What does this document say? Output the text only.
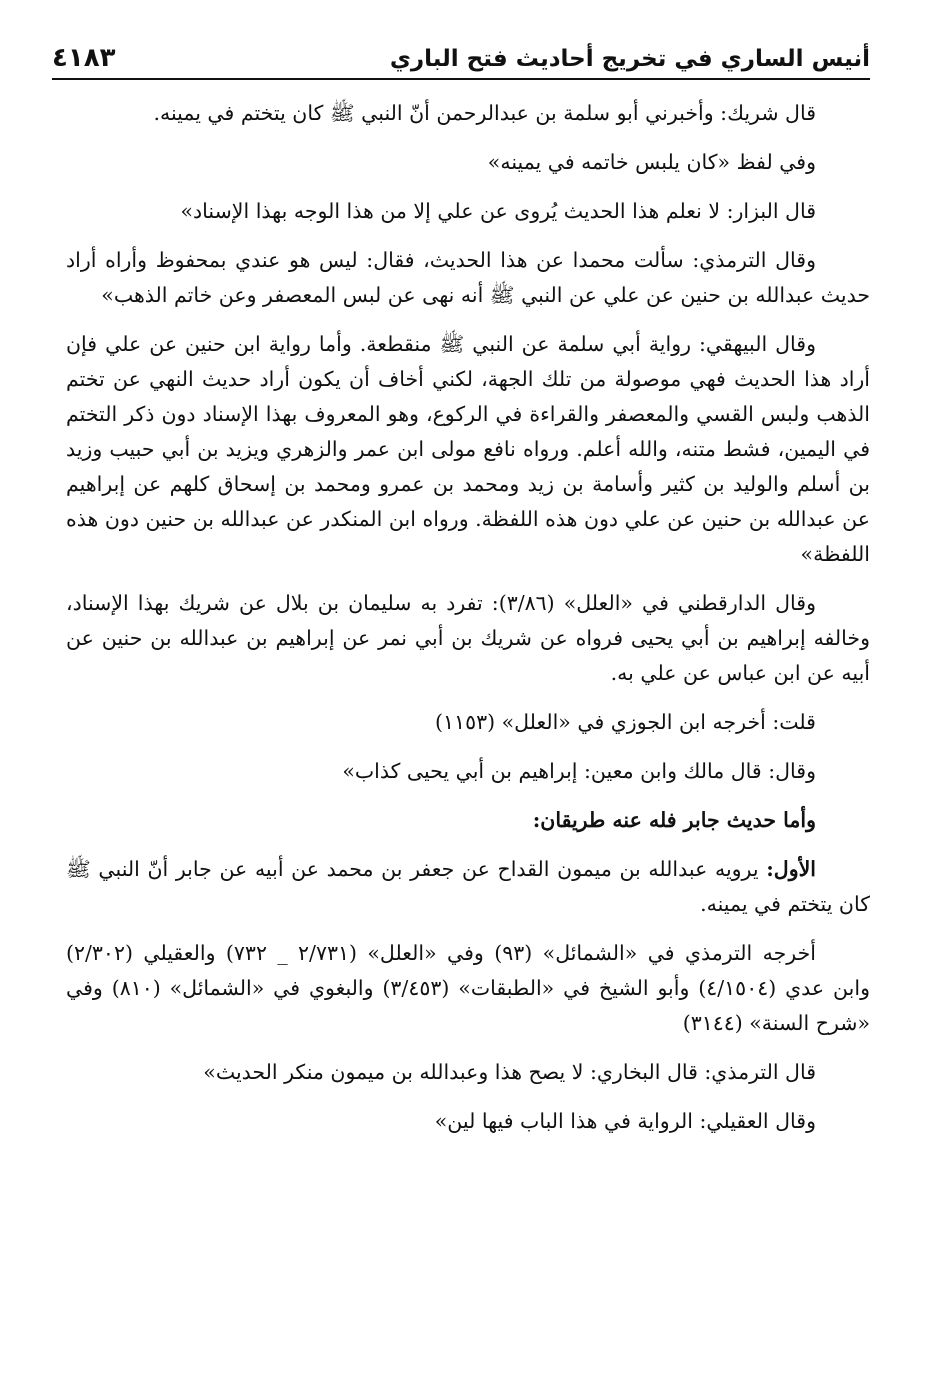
أنيس الساري في تخريج أحاديث فتح الباري
٤١٨٣

قال شريك: وأخبرني أبو سلمة بن عبدالرحمن أنّ النبي ﷺ كان يتختم في يمينه.

وفي لفظ «كان يلبس خاتمه في يمينه»

قال البزار: لا نعلم هذا الحديث يُروى عن علي إلا من هذا الوجه بهذا الإسناد»

وقال الترمذي: سألت محمدا عن هذا الحديث، فقال: ليس هو عندي بمحفوظ وأراه أراد حديث عبدالله بن حنين عن علي عن النبي ﷺ أنه نهى عن لبس المعصفر وعن خاتم الذهب»

وقال البيهقي: رواية أبي سلمة عن النبي ﷺ منقطعة. وأما رواية ابن حنين عن علي فإن أراد هذا الحديث فهي موصولة من تلك الجهة، لكني أخاف أن يكون أراد حديث النهي عن تختم الذهب ولبس القسي والمعصفر والقراءة في الركوع، وهو المعروف بهذا الإسناد دون ذكر التختم في اليمين، فشط متنه، والله أعلم. ورواه نافع مولى ابن عمر والزهري ويزيد بن أبي حبيب وزيد بن أسلم والوليد بن كثير وأسامة بن زيد ومحمد بن عمرو ومحمد بن إسحاق كلهم عن إبراهيم عن عبدالله بن حنين عن علي دون هذه اللفظة. ورواه ابن المنكدر عن عبدالله بن حنين دون هذه اللفظة»

وقال الدارقطني في «العلل» (٣/٨٦): تفرد به سليمان بن بلال عن شريك بهذا الإسناد، وخالفه إبراهيم بن أبي يحيى فرواه عن شريك بن أبي نمر عن إبراهيم بن عبدالله بن حنين عن أبيه عن ابن عباس عن علي به.

قلت: أخرجه ابن الجوزي في «العلل» (١١٥٣)

وقال: قال مالك وابن معين: إبراهيم بن أبي يحيى كذاب»

وأما حديث جابر فله عنه طريقان:

الأول: يرويه عبدالله بن ميمون القداح عن جعفر بن محمد عن أبيه عن جابر أنّ النبي ﷺ كان يتختم في يمينه.

أخرجه الترمذي في «الشمائل» (٩٣) وفي «العلل» (٢/٧٣١ _ ٧٣٢) والعقيلي (٢/٣٠٢) وابن عدي (٤/١٥٠٤) وأبو الشيخ في «الطبقات» (٣/٤٥٣) والبغوي في «الشمائل» (٨١٠) وفي «شرح السنة» (٣١٤٤)

قال الترمذي: قال البخاري: لا يصح هذا وعبدالله بن ميمون منكر الحديث»

وقال العقيلي: الرواية في هذا الباب فيها لين»
